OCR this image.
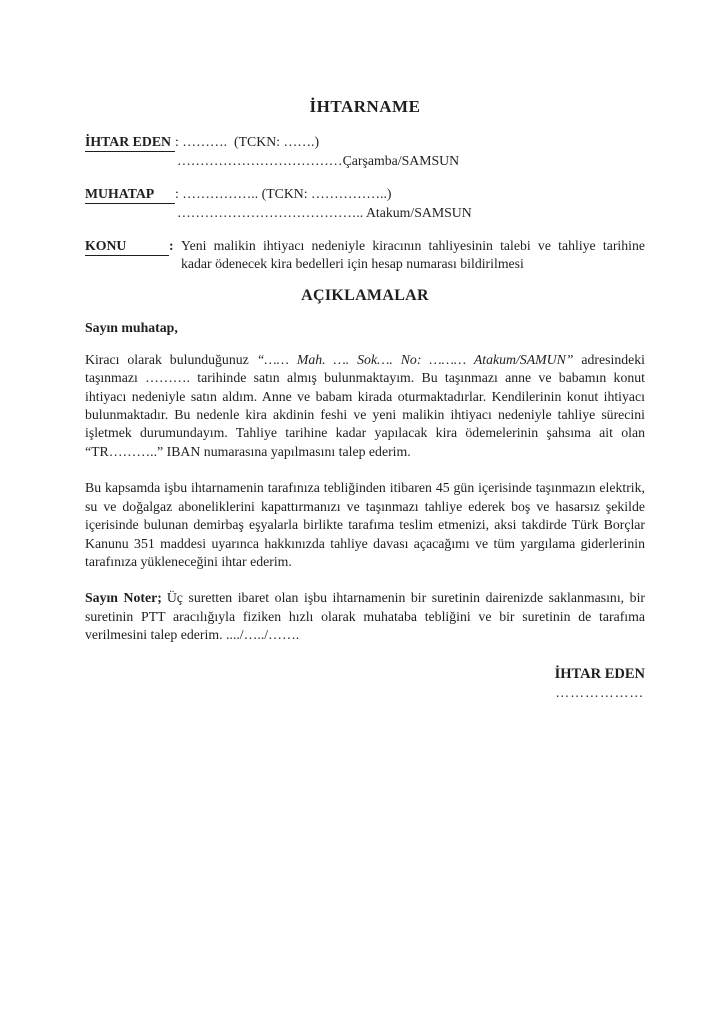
İHTARNAME
İHTAR EDEN : ……….  (TCKN: …….)
………………………………Çarşamba/SAMSUN
MUHATAP	: …………….. (TCKN: ……………..)
………………………………….. Atakum/SAMSUN
KONU	: Yeni malikin ihtiyacı nedeniyle kiracının tahliyesinin talebi ve tahliye tarihine kadar ödenecek kira bedelleri için hesap numarası bildirilmesi
AÇIKLAMALAR
Sayın muhatap,

Kiracı olarak bulunduğunuz “…… Mah. …. Sok…. No: ……… Atakum/SAMUN” adresindeki taşınmazı ………. tarihinde satın almış bulunmaktayım. Bu taşınmazı anne ve babamın konut ihtiyacı nedeniyle satın aldım. Anne ve babam kirada oturmaktadırlar. Kendilerinin konut ihtiyacı bulunmaktadır. Bu nedenle kira akdinin feshi ve yeni malikin ihtiyacı nedeniyle tahliye sürecini işletmek durumundayım. Tahliye tarihine kadar yapılacak kira ödemelerinin şahsıma ait olan “TR………..” IBAN numarasına yapılmasını talep ederim.

Bu kapsamda işbu ihtarnamenin tarafınıza tebliğinden itibaren 45 gün içerisinde taşınmazın elektrik, su ve doğalgaz aboneliklerini kapattırmanızı ve taşınmazı tahliye ederek boş ve hasarsız şekilde içerisinde bulunan demirbaş eşyalarla birlikte tarafıma teslim etmenizi, aksi takdirde Türk Borçlar Kanunu 351 maddesi uyarınca hakkınızda tahliye davası açacağımı ve tüm yargılama giderlerinin tarafınıza yükleneceğini ihtar ederim.

Sayın Noter; Üç suretten ibaret olan işbu ihtarnamenin bir suretinin dairenizde saklanmasını, bir suretinin PTT aracılığıyla fiziken hızlı olarak muhataba tebliğini ve bir suretinin de tarafıma verilmesini talep ederim. ..../…../…….

İHTAR EDEN
………………
